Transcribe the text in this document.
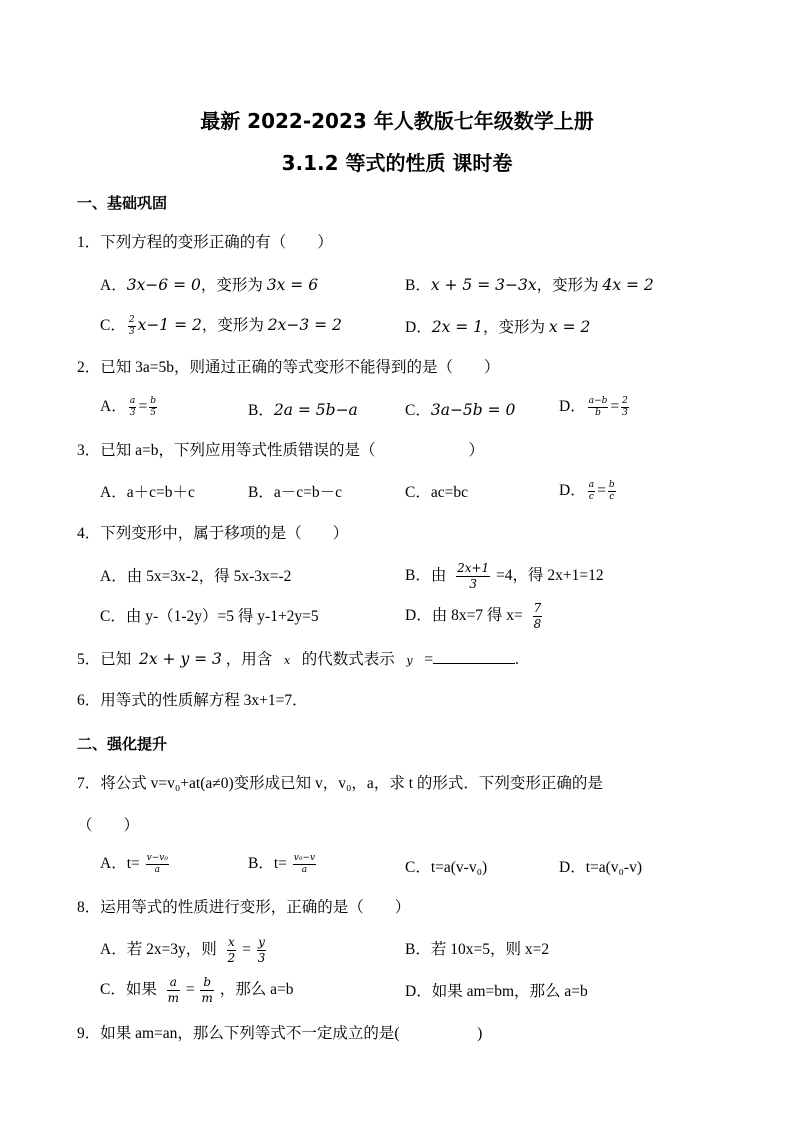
最新 2022-2023 年人教版七年级数学上册
3.1.2 等式的性质 课时卷
一、基础巩固
1．下列方程的变形正确的有（　　）
A．3x−6 = 0，变形为 3x = 6	B．x + 5 = 3−3x，变形为 4x = 2
C． $\frac{2}{3} x-1 = 2$，变形为 2x−3 = 2	D．2x = 1，变形为 x = 2
2．已知 3a=5b，则通过正确的等式变形不能得到的是（　　）
A． $\frac{a}{3} = \frac{b}{5}$	B．2a = 5b−a	C．3a−5b = 0	D． $\frac{a-b}{b} = \frac{2}{3}$
3．已知 a=b，下列应用等式性质错误的是（　　　　　　）
A．a＋c=b＋c	B．a－c=b－c	C．ac=bc	D． $\frac{a}{c} = \frac{b}{c}$
4．下列变形中，属于移项的是（　　）
A．由 5x=3x-2，得 5x-3x=-2	B．由 $\frac{2x+1}{3} =4$，得 2x+1=12
C．由 y-（1-2y）=5 得 y-1+2y=5	D．由 8x=7 得 $x= \frac{7}{8}$
5．已知 2x + y = 3 ，用含 x 的代数式表示 y =	.
6．用等式的性质解方程 3x+1=7．
二、强化提升
7．将公式 v=v₀+at(a≠0)变形成已知 v，v₀，a，求 t 的形式．下列变形正确的是
（　　）
A．$t= \frac{\text{v−v₀}}{a}$	B．$t= \frac{\text{v₀−v}}{a}$	C．t=a(v-v₀)	D．t=a(v₀-v)
8．运用等式的性质进行变形，正确的是（　　）
A．若 2x=3y，则 $\frac{x}{2} = \frac{y}{3}$	B．若 10x=5，则 x=2
C．如果 $\frac{a}{m} = \frac{b}{m}$ ，那么 a=b	D．如果 am=bm，那么 a=b
9．如果 am=an，那么下列等式不一定成立的是(　　　　　)
